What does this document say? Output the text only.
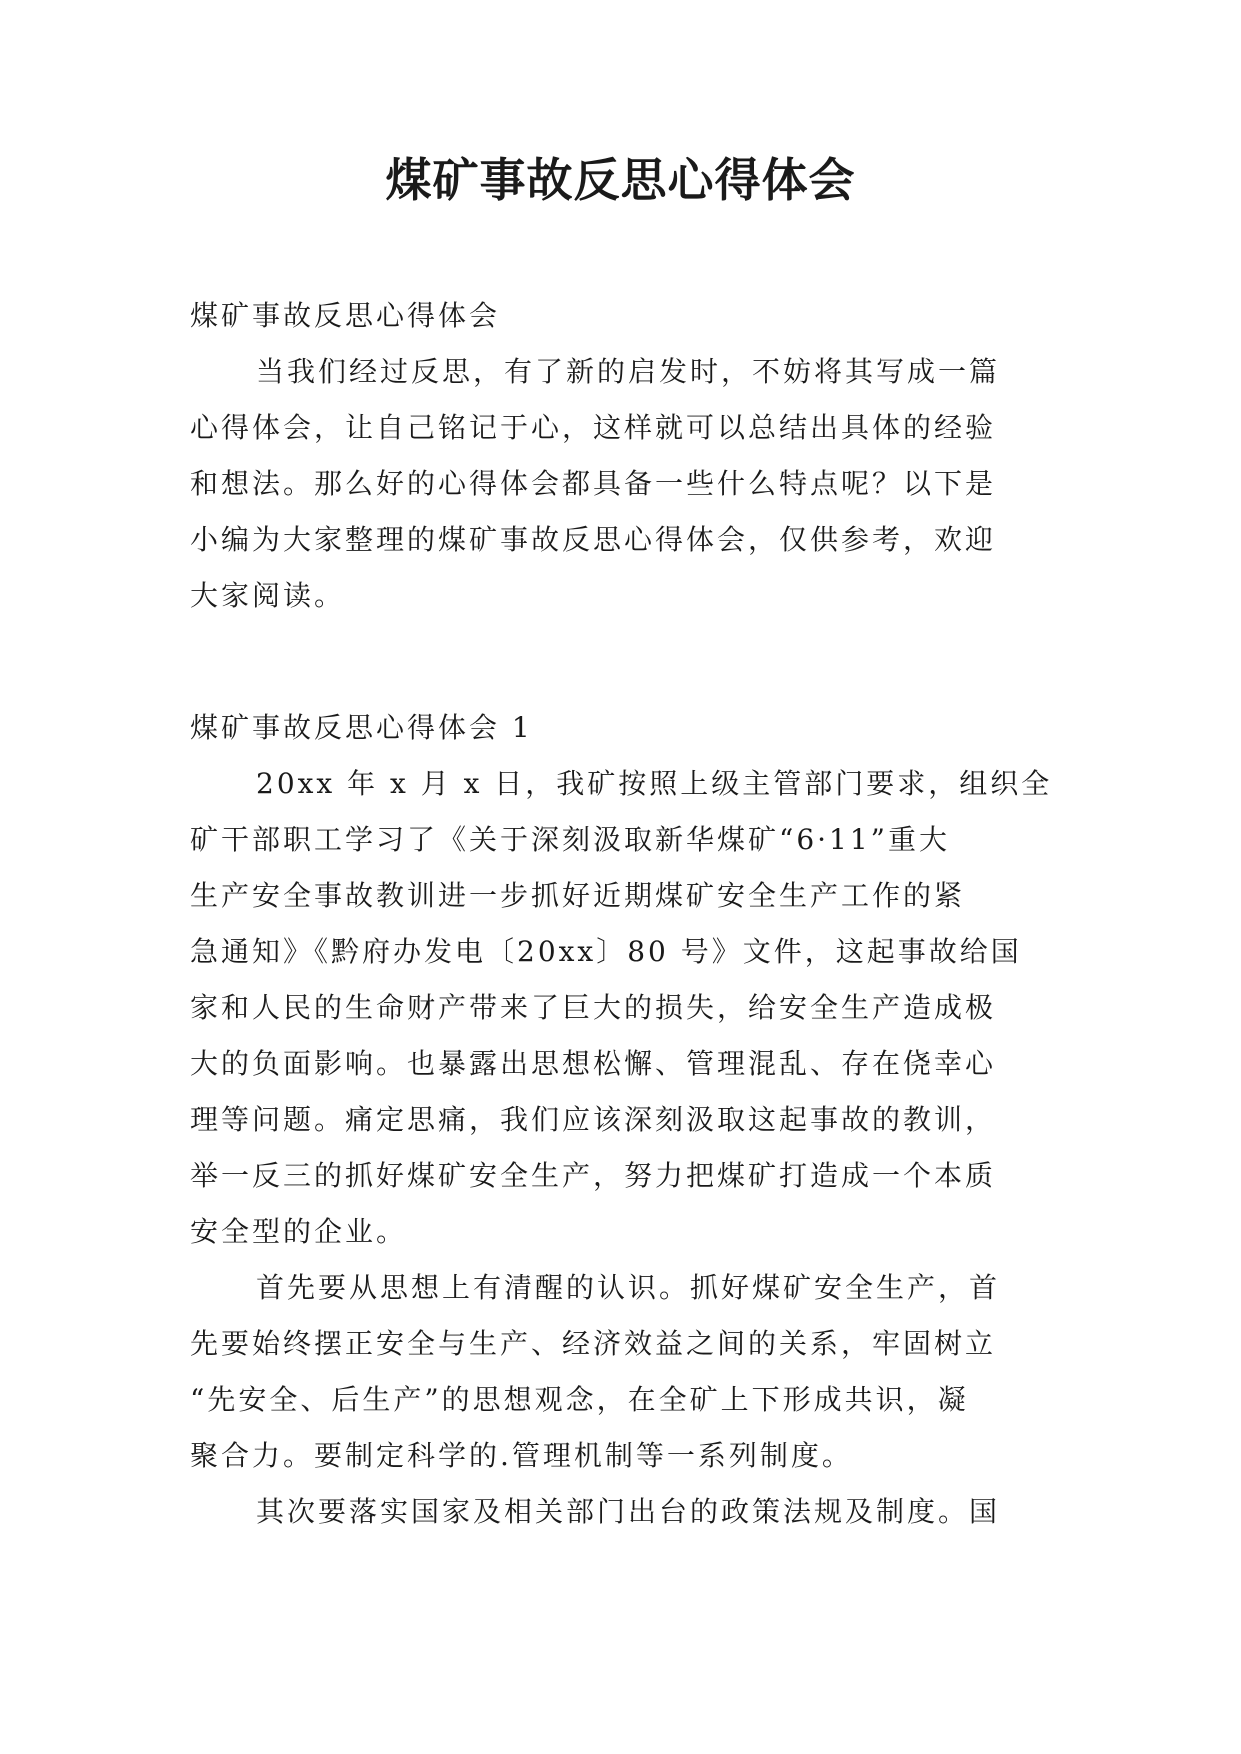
煤矿事故反思心得体会
煤矿事故反思心得体会
当我们经过反思，有了新的启发时，不妨将其写成一篇
心得体会，让自己铭记于心，这样就可以总结出具体的经验
和想法。那么好的心得体会都具备一些什么特点呢？以下是
小编为大家整理的煤矿事故反思心得体会，仅供参考，欢迎
大家阅读。
煤矿事故反思心得体会 1
20xx 年 x 月 x 日，我矿按照上级主管部门要求，组织全
矿干部职工学习了《关于深刻汲取新华煤矿“6·11”重大
生产安全事故教训进一步抓好近期煤矿安全生产工作的紧
急通知》《黔府办发电〔20xx〕80 号》文件，这起事故给国
家和人民的生命财产带来了巨大的损失，给安全生产造成极
大的负面影响。也暴露出思想松懈、管理混乱、存在侥幸心
理等问题。痛定思痛，我们应该深刻汲取这起事故的教训，
举一反三的抓好煤矿安全生产，努力把煤矿打造成一个本质
安全型的企业。
首先要从思想上有清醒的认识。抓好煤矿安全生产，首
先要始终摆正安全与生产、经济效益之间的关系，牢固树立
“先安全、后生产”的思想观念，在全矿上下形成共识，凝
聚合力。要制定科学的.管理机制等一系列制度。
其次要落实国家及相关部门出台的政策法规及制度。国
